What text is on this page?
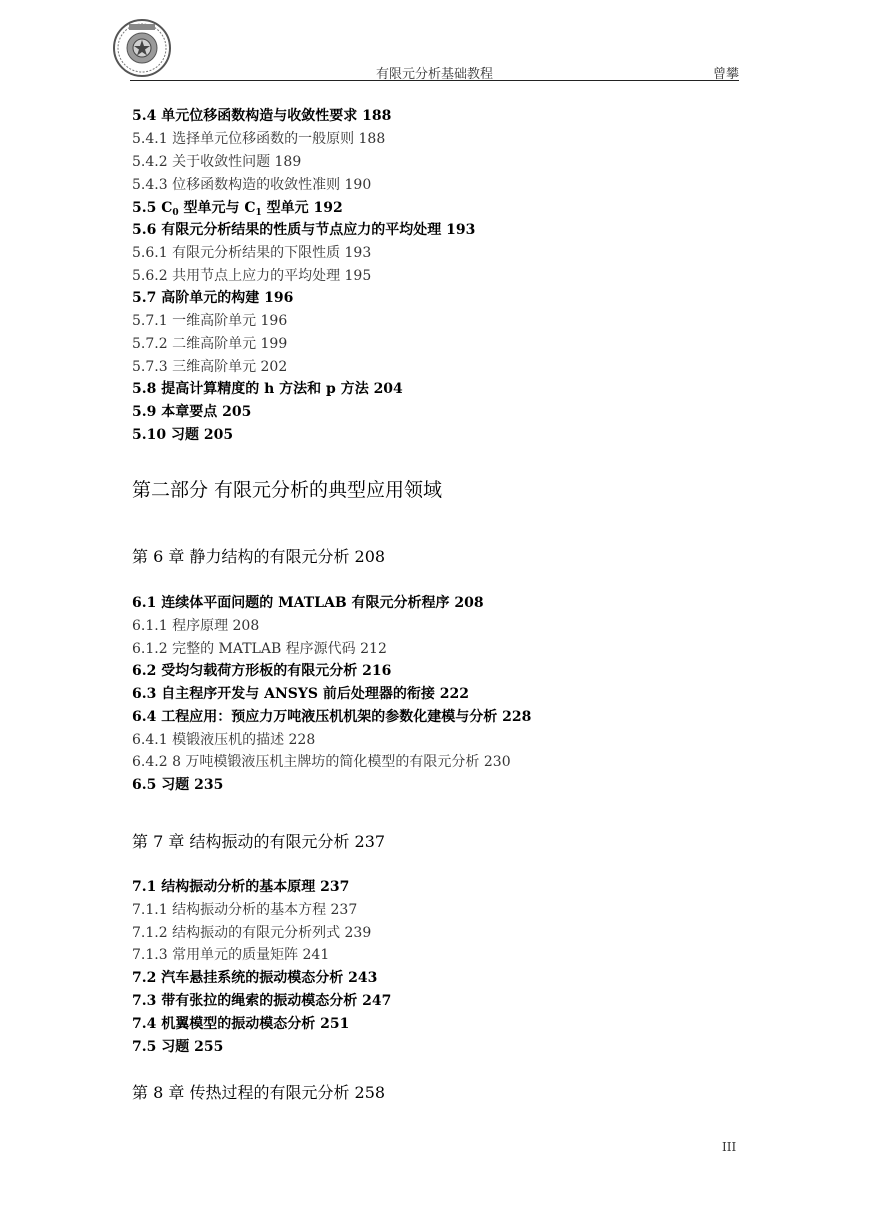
有限元分析基础教程	曾攀
5.4 单元位移函数构造与收敛性要求 188
5.4.1 选择单元位移函数的一般原则 188
5.4.2 关于收敛性问题 189
5.4.3 位移函数构造的收敛性准则 190
5.5 $C_0$ 型单元与 $C_1$ 型单元 192
5.6 有限元分析结果的性质与节点应力的平均处理 193
5.6.1 有限元分析结果的下限性质 193
5.6.2 共用节点上应力的平均处理 195
5.7 高阶单元的构建 196
5.7.1 一维高阶单元 196
5.7.2 二维高阶单元 199
5.7.3 三维高阶单元 202
5.8 提高计算精度的 h 方法和 p 方法 204
5.9 本章要点 205
5.10 习题 205
第二部分 有限元分析的典型应用领域
第 6 章 静力结构的有限元分析 208
6.1 连续体平面问题的 MATLAB 有限元分析程序 208
6.1.1 程序原理 208
6.1.2 完整的 MATLAB 程序源代码 212
6.2 受均匀载荷方形板的有限元分析 216
6.3 自主程序开发与 ANSYS 前后处理器的衔接 222
6.4 工程应用：预应力万吨液压机机架的参数化建模与分析 228
6.4.1 模锻液压机的描述 228
6.4.2 8 万吨模锻液压机主牌坊的简化模型的有限元分析 230
6.5 习题 235
第 7 章 结构振动的有限元分析 237
7.1 结构振动分析的基本原理 237
7.1.1 结构振动分析的基本方程 237
7.1.2 结构振动的有限元分析列式 239
7.1.3 常用单元的质量矩阵 241
7.2 汽车悬挂系统的振动模态分析 243
7.3 带有张拉的绳索的振动模态分析 247
7.4 机翼模型的振动模态分析 251
7.5 习题 255
第 8 章 传热过程的有限元分析 258
III
